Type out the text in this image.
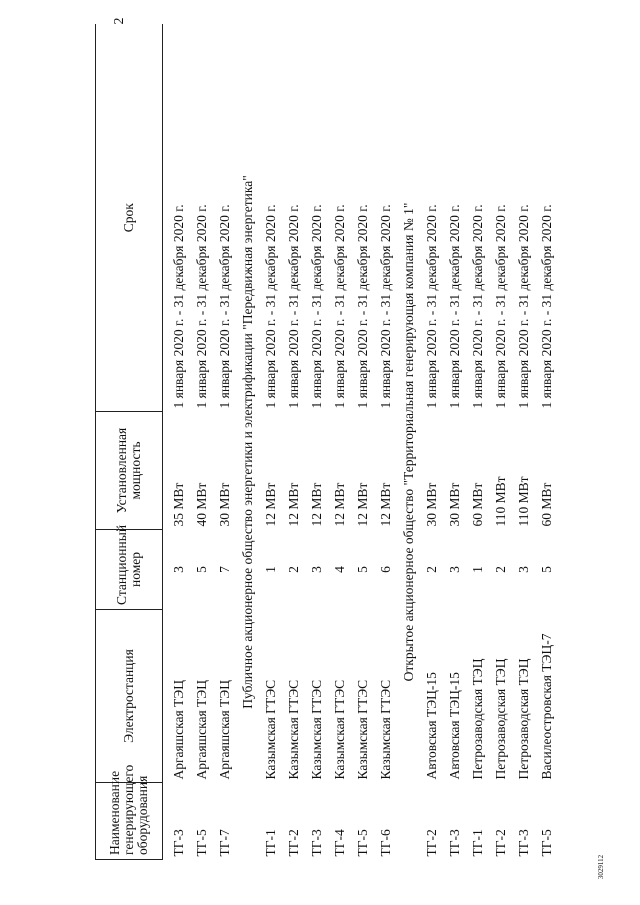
2
Наименование генерирующего оборудования	Электростанция	Станционный номер	Установленная мощность	Срок
ТГ-3	Аргаяшская ТЭЦ	3	35 МВт	1 января 2020 г. - 31 декабря 2020 г.
ТГ-5	Аргаяшская ТЭЦ	5	40 МВт	1 января 2020 г. - 31 декабря 2020 г.
ТГ-7	Аргаяшская ТЭЦ	7	30 МВт	1 января 2020 г. - 31 декабря 2020 г.
Публичное акционерное общество энергетики и электрификации "Передвижная энергетика"				
ТГ-1	Казымская ГТЭС	1	12 МВт	1 января 2020 г. - 31 декабря 2020 г.
ТГ-2	Казымская ГТЭС	2	12 МВт	1 января 2020 г. - 31 декабря 2020 г.
ТГ-3	Казымская ГТЭС	3	12 МВт	1 января 2020 г. - 31 декабря 2020 г.
ТГ-4	Казымская ГТЭС	4	12 МВт	1 января 2020 г. - 31 декабря 2020 г.
ТГ-5	Казымская ГТЭС	5	12 МВт	1 января 2020 г. - 31 декабря 2020 г.
ТГ-6	Казымская ГТЭС	6	12 МВт	1 января 2020 г. - 31 декабря 2020 г.
Открытое акционерное общество "Территориальная генерирующая компания № 1"				
ТГ-2	Автовская ТЭЦ-15	2	30 МВт	1 января 2020 г. - 31 декабря 2020 г.
ТГ-3	Автовская ТЭЦ-15	3	30 МВт	1 января 2020 г. - 31 декабря 2020 г.
ТГ-1	Петрозаводская ТЭЦ	1	60 МВт	1 января 2020 г. - 31 декабря 2020 г.
ТГ-2	Петрозаводская ТЭЦ	2	110 МВт	1 января 2020 г. - 31 декабря 2020 г.
ТГ-3	Петрозаводская ТЭЦ	3	110 МВт	1 января 2020 г. - 31 декабря 2020 г.
ТГ-5	Василеостровская ТЭЦ-7	5	60 МВт	1 января 2020 г. - 31 декабря 2020 г.
3029112
